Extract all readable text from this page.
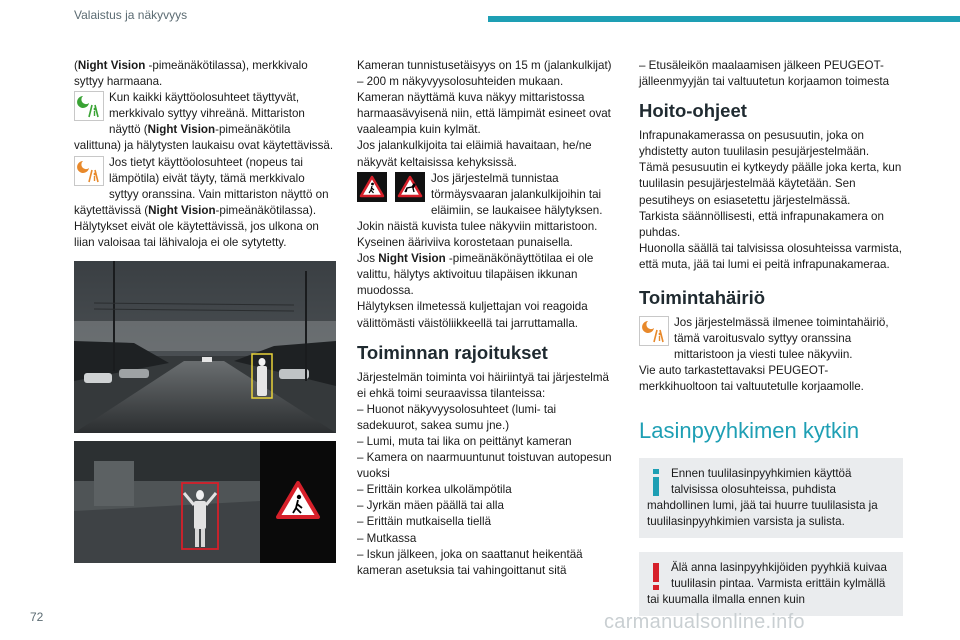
Valaistus ja näkyvyys

(Night Vision -pimeänäkötilassa), merkkivalo syttyy harmaana.

Kun kaikki käyttöolosuhteet täyttyvät, merkkivalo syttyy vihreänä. Mittariston näyttö (Night Vision-pimeänäkötila valittuna) ja hälytysten laukaisu ovat käytettävissä.

Jos tietyt käyttöolosuhteet (nopeus tai lämpötila) eivät täyty, tämä merkkivalo syttyy oranssina. Vain mittariston näyttö on käytettävissä (Night Vision-pimeänäkötilassa). Hälytykset eivät ole käytettävissä, jos ulkona on liian valoisaa tai lähivaloja ei ole sytytetty.

Kameran tunnistusetäisyys on 15 m (jalankulkijat) – 200 m näkyvyysolosuhteiden mukaan.

Kameran näyttämä kuva näkyy mittaristossa harmaasävyisenä niin, että lämpimät esineet ovat vaaleampia kuin kylmät.

Jos jalankulkijoita tai eläimiä havaitaan, he/ne näkyvät keltaisissa kehyksissä.

Jos järjestelmä tunnistaa törmäysvaaran jalankulkijoihin tai eläimiin, se laukaisee hälytyksen. Jokin näistä kuvista tulee näkyviin mittaristoon. Kyseinen ääriviiva korostetaan punaisella.

Jos Night Vision -pimeänäkönäyttötilaa ei ole valittu, hälytys aktivoituu tilapäisen ikkunan muodossa.

Hälytyksen ilmetessä kuljettajan voi reagoida välittömästi väistöliikkeellä tai jarruttamalla.

Toiminnan rajoitukset

Järjestelmän toiminta voi häiriintyä tai järjestelmä ei ehkä toimi seuraavissa tilanteissa:

– Huonot näkyvyysolosuhteet (lumi- tai sadekuurot, sakea sumu jne.)

– Lumi, muta tai lika on peittänyt kameran

– Kamera on naarmuuntunut toistuvan autopesun vuoksi

– Erittäin korkea ulkolämpötila

– Jyrkän mäen päällä tai alla

– Erittäin mutkaisella tiellä

– Mutkassa

– Iskun jälkeen, joka on saattanut heikentää kameran asetuksia tai vahingoittanut sitä

– Etusäleikön maalaamisen jälkeen PEUGEOT-jälleenmyyjän tai valtuutetun korjaamon toimesta

Hoito-ohjeet

Infrapunakamerassa on pesusuutin, joka on yhdistetty auton tuulilasin pesujärjestelmään.

Tämä pesusuutin ei kytkeydy päälle joka kerta, kun tuulilasin pesujärjestelmää käytetään. Sen pesutiheys on esiasetettu järjestelmässä.

Tarkista säännöllisesti, että infrapunakamera on puhdas.

Huonolla säällä tai talvisissa olosuhteissa varmista, että muta, jää tai lumi ei peitä infrapunakameraa.

Toimintahäiriö

Jos järjestelmässä ilmenee toimintahäiriö, tämä varoitusvalo syttyy oranssina mittaristoon ja viesti tulee näkyviin.

Vie auto tarkastettavaksi PEUGEOT-merkkihuoltoon tai valtuutetulle korjaamolle.

Lasinpyyhkimen kytkin
Ennen tuulilasinpyyhkimien käyttöä talvisissa olosuhteissa, puhdista mahdollinen lumi, jää tai huurre tuulilasista ja tuulilasinpyyhkimien varsista ja sulista.
Älä anna lasinpyyhkijöiden pyyhkiä kuivaa tuulilasin pintaa. Varmista erittäin kylmällä tai kuumalla ilmalla ennen kuin
72	carmanualsonline.info
